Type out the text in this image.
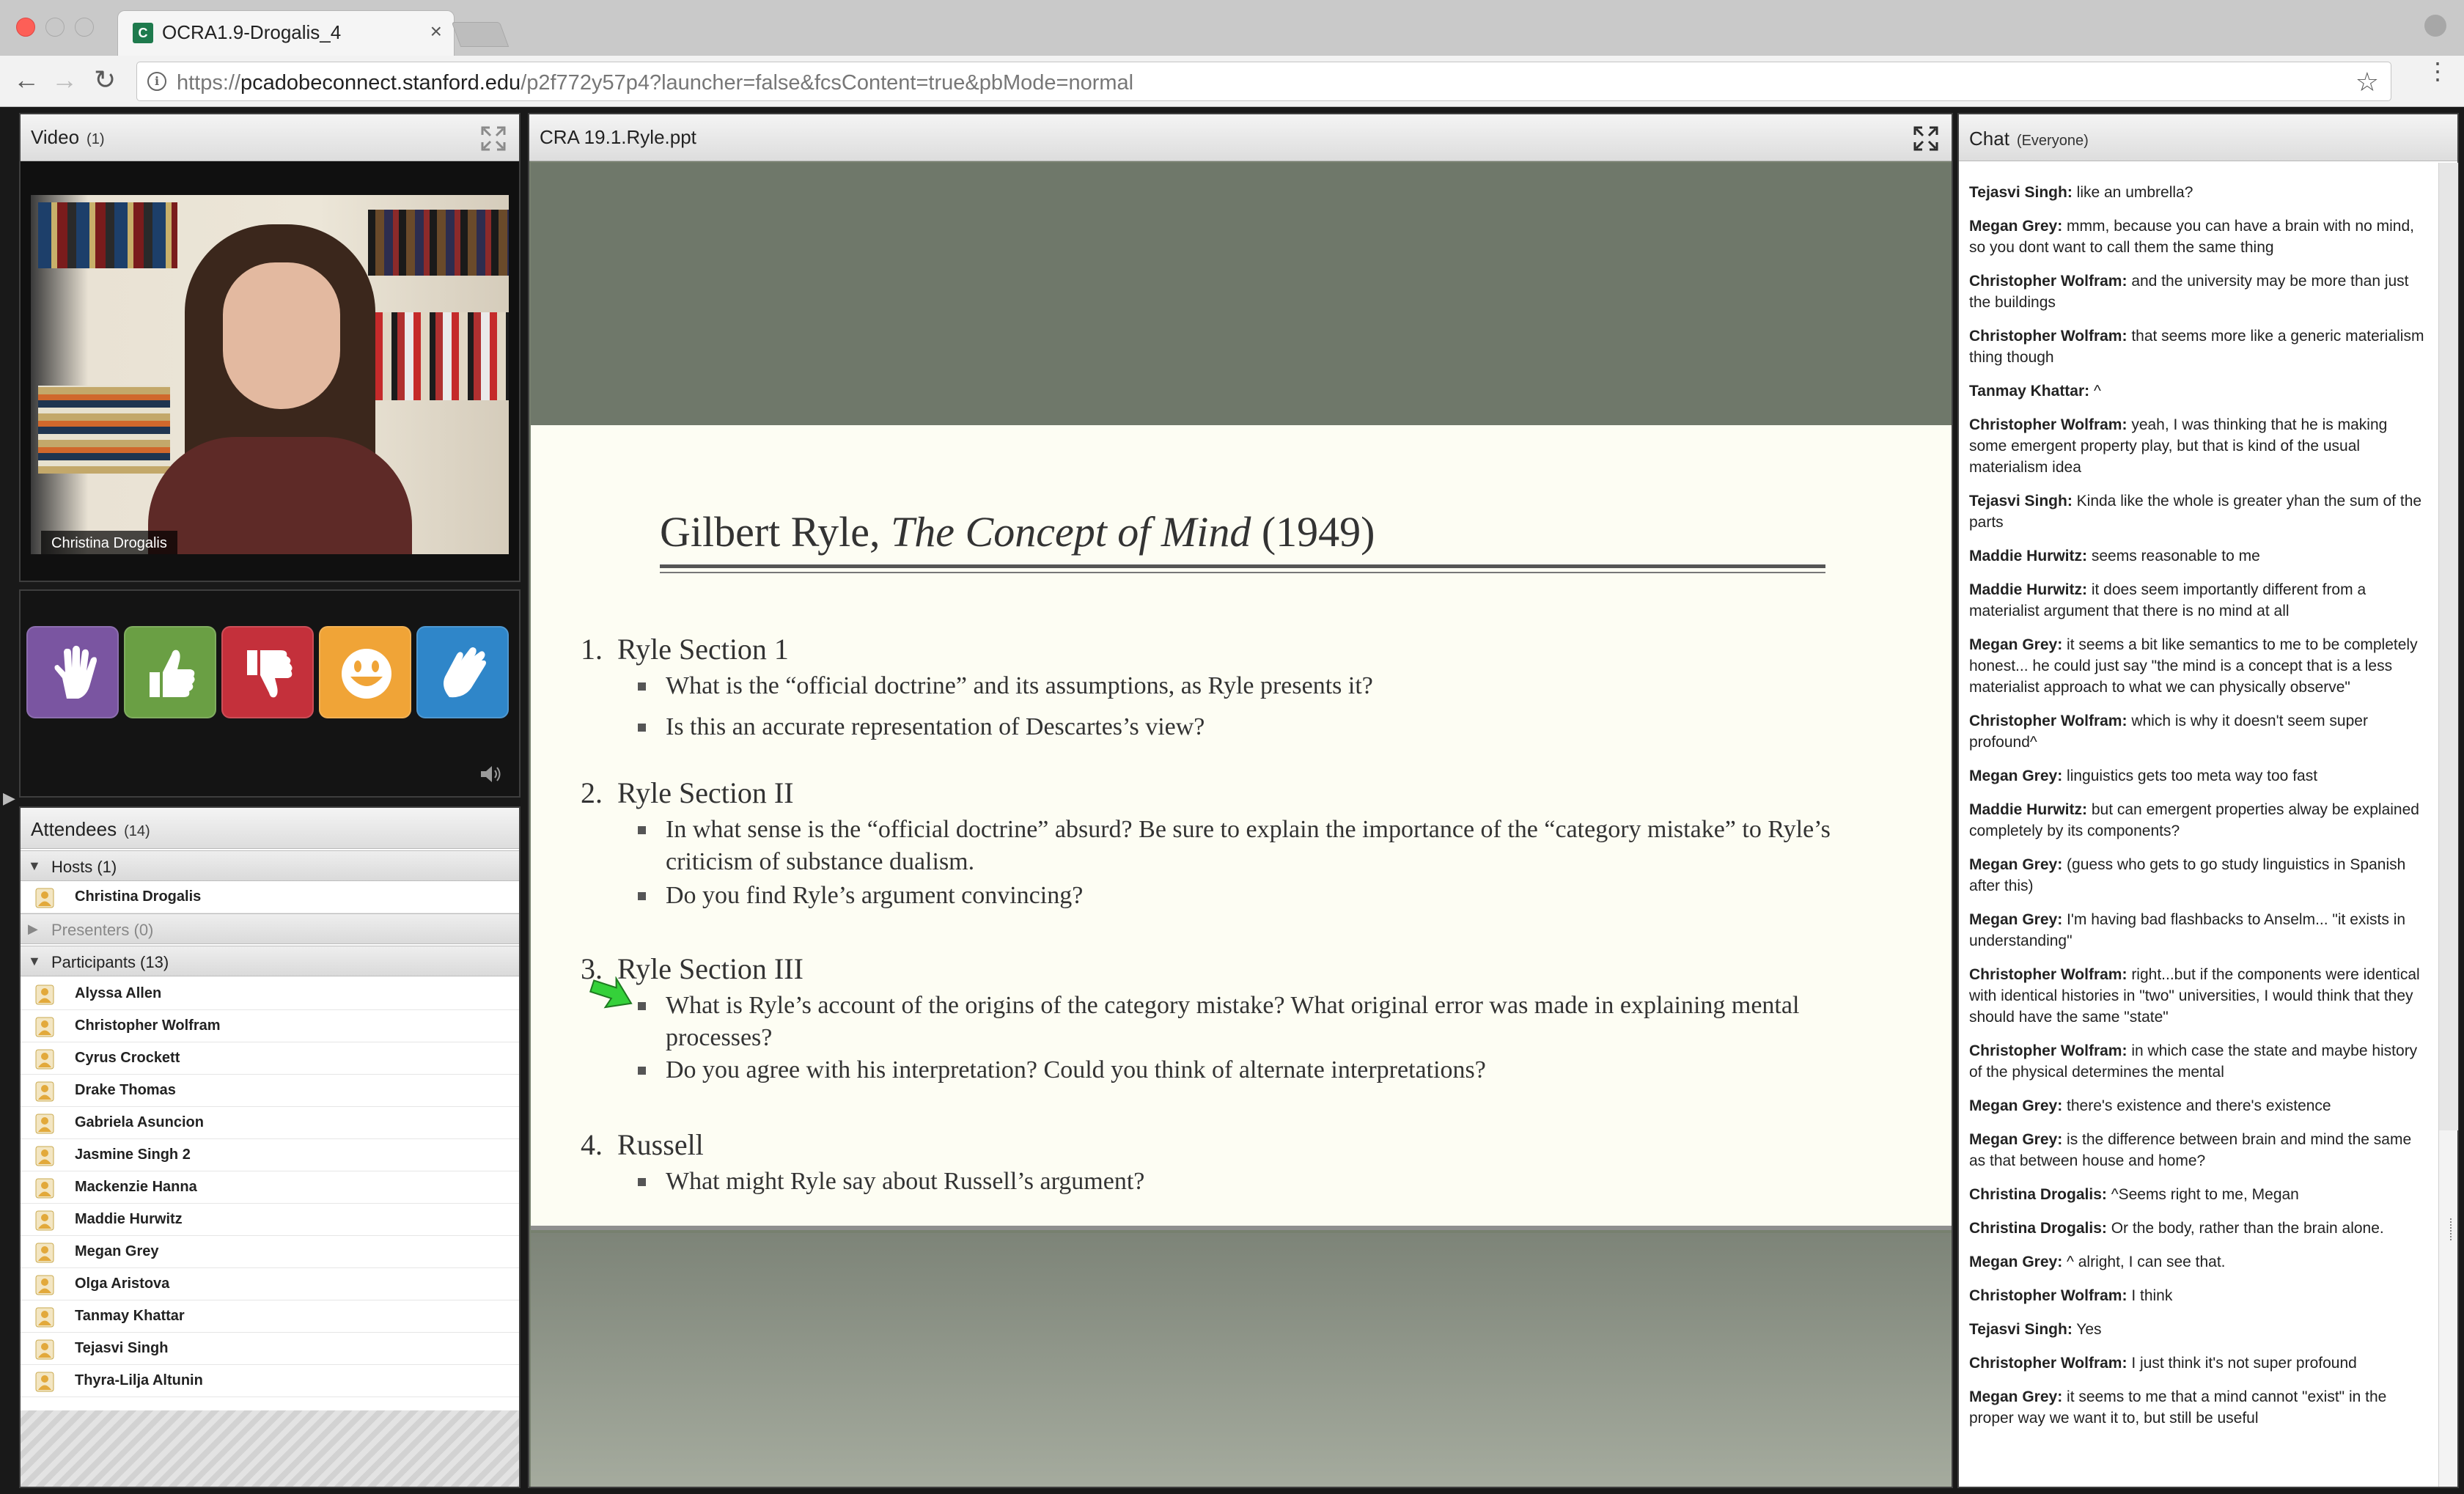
C OCRA1.9-Drogalis_4	×
← → ↻	i https://pcadobeconnect.stanford.edu/p2f772y57p4?launcher=false&fcsContent=true&pbMode=normal	☆ ⋮
▶
Video (1)
Christina Drogalis
Attendees (14)
▼ Hosts (1)
Christina Drogalis
▶ Presenters (0)
▼ Participants (13)
Alyssa Allen
Christopher Wolfram
Cyrus Crockett
Drake Thomas
Gabriela Asuncion
Jasmine Singh 2
Mackenzie Hanna
Maddie Hurwitz
Megan Grey
Olga Aristova
Tanmay Khattar
Tejasvi Singh
Thyra-Lilja Altunin
CRA 19.1.Ryle.ppt
Gilbert Ryle, The Concept of Mind (1949)
1. Ryle Section 1
What is the “official doctrine” and its assumptions, as Ryle presents it?
Is this an accurate representation of Descartes’s view?
2. Ryle Section II
In what sense is the “official doctrine” absurd? Be sure to explain the importance of the “category mistake” to Ryle’s criticism of substance dualism.
Do you find Ryle’s argument convincing?
3. Ryle Section III
What is Ryle’s account of the origins of the category mistake? What original error was made in explaining mental processes?
Do you agree with his interpretation? Could you think of alternate interpretations?
4. Russell
What might Ryle say about Russell’s argument?
Chat (Everyone)
Tejasvi Singh: like an umbrella?
Megan Grey: mmm, because you can have a brain with no mind, so you dont want to call them the same thing
Christopher Wolfram: and the university may be more than just the buildings
Christopher Wolfram: that seems more like a generic materialism thing though
Tanmay Khattar: ^
Christopher Wolfram: yeah, I was thinking that he is making some emergent property play, but that is kind of the usual materialism idea
Tejasvi Singh: Kinda like the whole is greater yhan the sum of the parts
Maddie Hurwitz: seems reasonable to me
Maddie Hurwitz: it does seem importantly different from a materialist argument that there is no mind at all
Megan Grey: it seems a bit like semantics to me to be completely honest... he could just say "the mind is a concept that is a less materialist approach to what we can physically observe"
Christopher Wolfram: which is why it doesn't seem super profound^
Megan Grey: linguistics gets too meta way too fast
Maddie Hurwitz: but can emergent properties alway be explained completely by its components?
Megan Grey: (guess who gets to go study linguistics in Spanish after this)
Megan Grey: I'm having bad flashbacks to Anselm... "it exists in understanding"
Christopher Wolfram: right...but if the components were identical with identical histories in "two" universities, I would think that they should have the same "state"
Christopher Wolfram: in which case the state and maybe history of the physical determines the mental
Megan Grey: there's existence and there's existence
Megan Grey: is the difference between brain and mind the same as that between house and home?
Christina Drogalis: ^Seems right to me, Megan
Christina Drogalis: Or the body, rather than the brain alone.
Megan Grey: ^ alright, I can see that.
Christopher Wolfram: I think
Tejasvi Singh: Yes
Christopher Wolfram: I just think it's not super profound
Megan Grey: it seems to me that a mind cannot "exist" in the proper way we want it to, but still be useful
